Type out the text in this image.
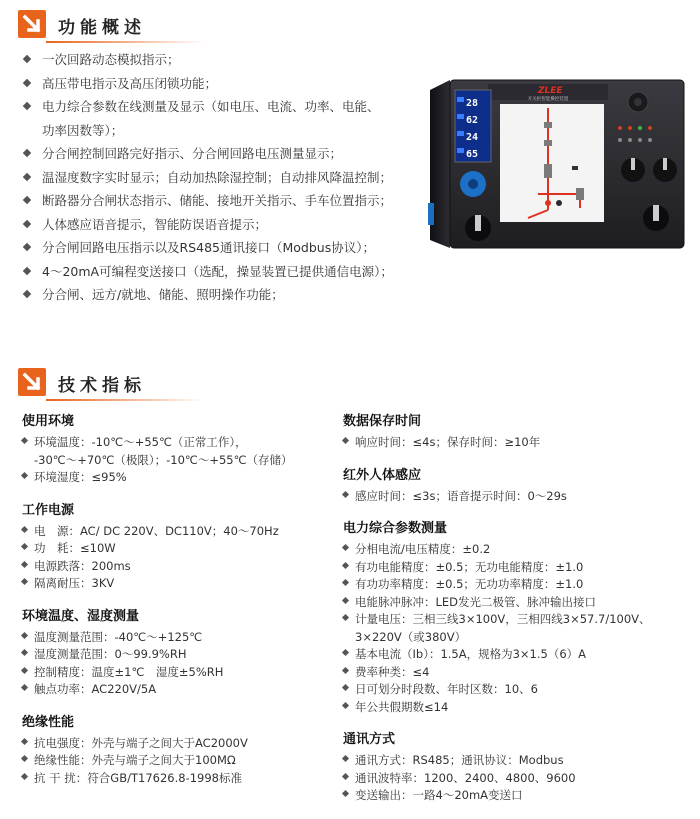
功能概述
一次回路动态模拟指示；
高压带电指示及高压闭锁功能；
电力综合参数在线测量及显示（如电压、电流、功率、电能、
功率因数等）；
分合闸控制回路完好指示、分合闸回路电压测量显示；
温湿度数字实时显示；自动加热除湿控制；自动排风降温控制；
断路器分合闸状态指示、储能、接地开关指示、手车位置指示；
人体感应语音提示，智能防误语音提示；
分合闸回路电压指示以及RS485通讯接口（Modbus协议）；
4～20mA可编程变送接口（选配，操显装置已提供通信电源）；
分合闸、远方/就地、储能、照明操作功能；
ZLEE
开关柜智能操控装置
28
62
24
65
技术指标
使用环境
环境温度：-10℃～+55℃（正常工作），
-30℃～+70℃（极限）；-10℃～+55℃（存储）
环境湿度：≤95%
工作电源
电　源：AC/ DC 220V、DC110V；40～70Hz
功　耗：≤10W
电源跌落：200ms
隔离耐压：3KV
环境温度、湿度测量
温度测量范围：-40℃～+125℃
湿度测量范围：0～99.9%RH
控制精度：温度±1℃　湿度±5%RH
触点功率：AC220V/5A
绝缘性能
抗电强度：外壳与端子之间大于AC2000V
绝缘性能：外壳与端子之间大于100MΩ
抗 干 扰：符合GB/T17626.8-1998标准
数据保存时间
响应时间：≤4s；保存时间：≥10年
红外人体感应
感应时间：≤3s；语音提示时间：0～29s
电力综合参数测量
分相电流/电压精度：±0.2
有功电能精度：±0.5；无功电能精度：±1.0
有功功率精度：±0.5；无功功率精度：±1.0
电能脉冲脉冲：LED发光二极管、脉冲输出接口
计量电压：三相三线3×100V，三相四线3×57.7/100V、
3×220V（或380V）
基本电流（Ib）：1.5A，规格为3×1.5（6）A
费率种类：≤4
日可划分时段数、年时区数：10、6
年公共假期数≤14
通讯方式
通讯方式：RS485；通讯协议：Modbus
通讯波特率：1200、2400、4800、9600
变送输出：一路4～20mA变送口
